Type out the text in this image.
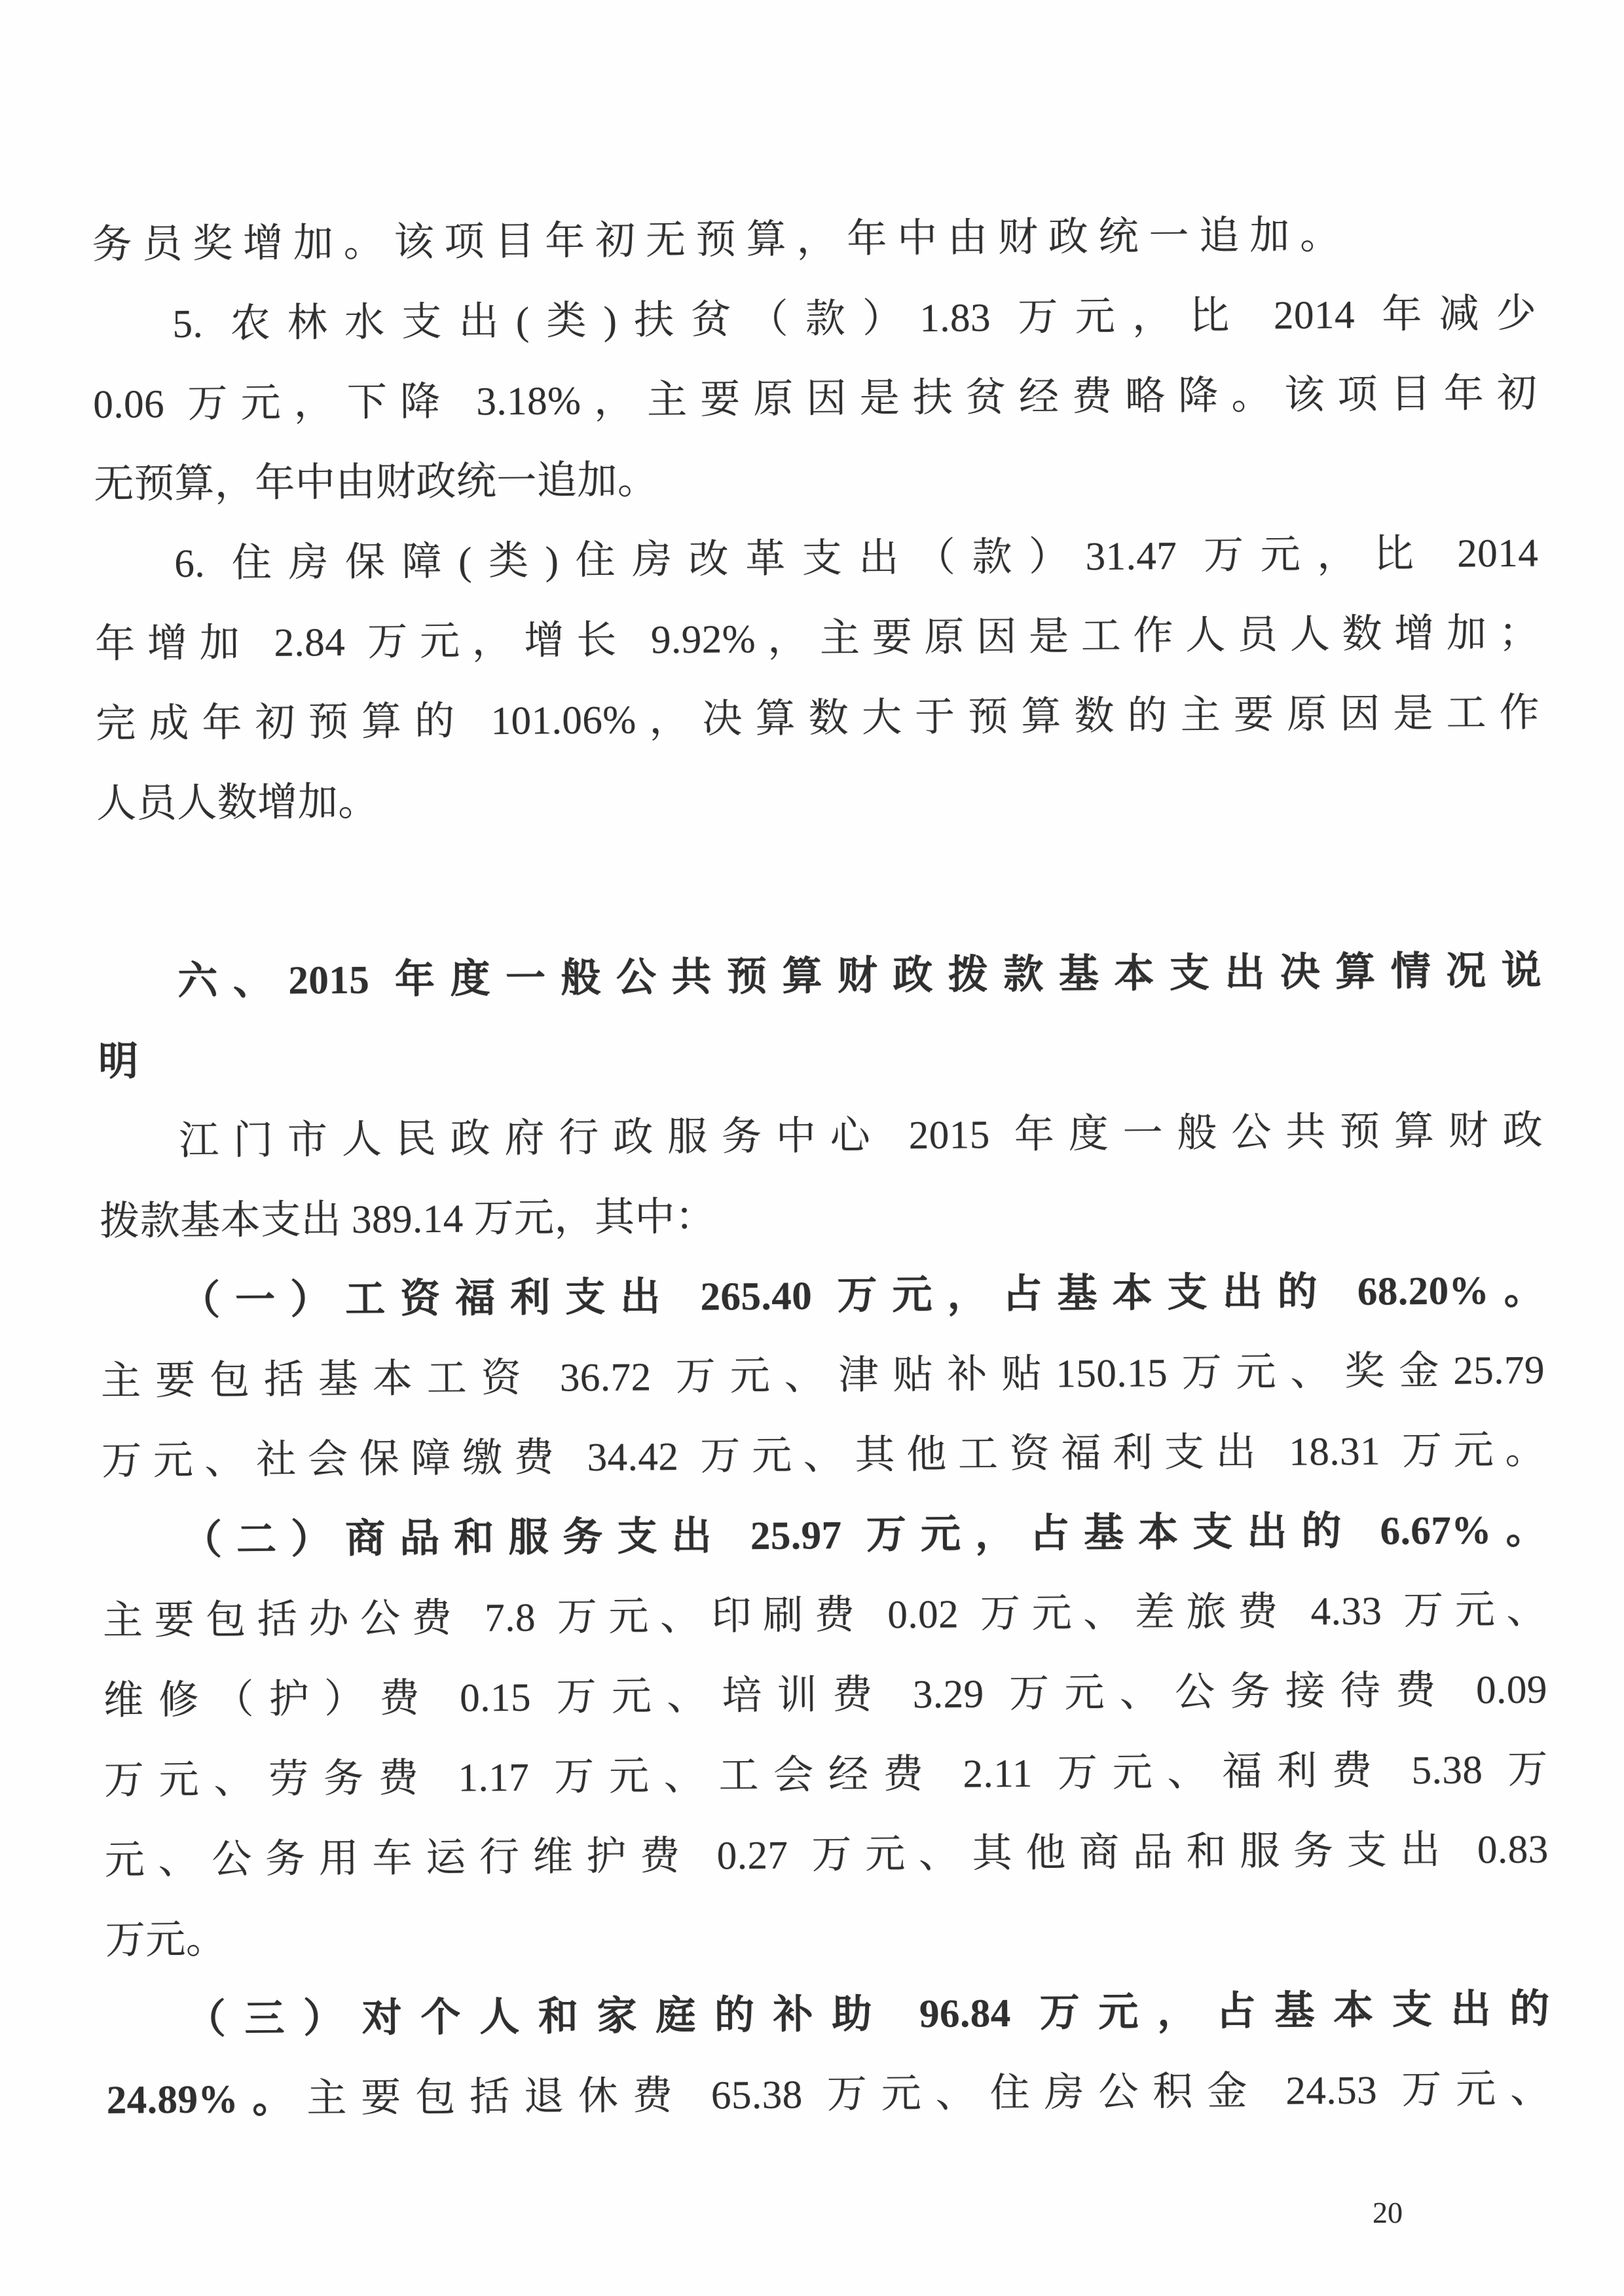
务员奖增加。该项目年初无预算，年中由财政统一追加。
5. 农林水支出(类)扶贫（款）1.83 万元，比 2014 年减少
0.06 万元，下降 3.18%，主要原因是扶贫经费略降。该项目年初
无预算，年中由财政统一追加。
6. 住房保障(类)住房改革支出（款）31.47 万元，比 2014
年增加 2.84 万元，增长 9.92%，主要原因是工作人员人数增加；
完成年初预算的 101.06%，决算数大于预算数的主要原因是工作
人员人数增加。
六、2015 年度一般公共预算财政拨款基本支出决算情况说
明
江门市人民政府行政服务中心 2015 年度一般公共预算财政
拨款基本支出 389.14 万元，其中：
（一）工资福利支出 265.40 万元，占基本支出的 68.20%。
主要包括基本工资 36.72 万元、津贴补贴150.15万元、奖金25.79
万元、社会保障缴费 34.42 万元、其他工资福利支出 18.31 万元。
（二）商品和服务支出 25.97 万元，占基本支出的 6.67%。
主要包括办公费 7.8 万元、印刷费 0.02 万元、差旅费 4.33 万元、
维修（护）费 0.15 万元、培训费 3.29 万元、公务接待费 0.09
万元、劳务费 1.17 万元、工会经费 2.11 万元、福利费 5.38 万
元、公务用车运行维护费 0.27 万元、其他商品和服务支出 0.83
万元。
（三）对个人和家庭的补助 96.84 万元，占基本支出的
24.89%。主要包括退休费 65.38 万元、住房公积金 24.53 万元、
20
